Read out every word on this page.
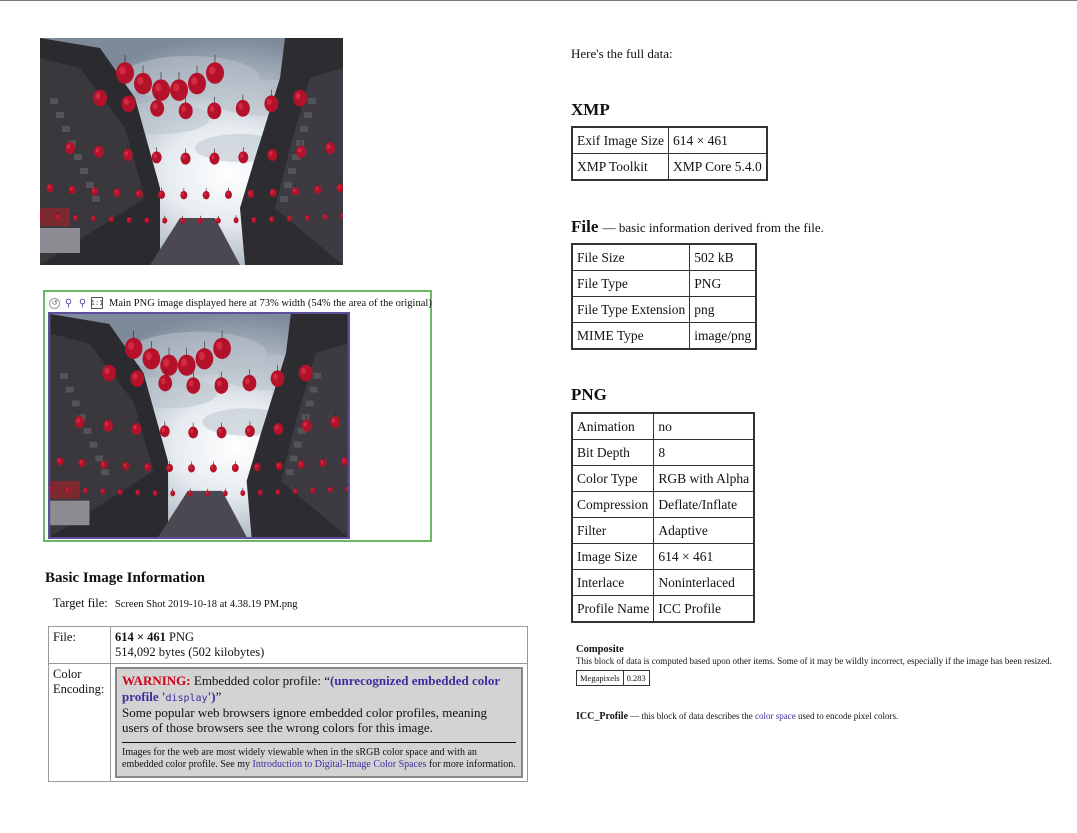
↺ ⚲ ⚲ 1:1 Main PNG image displayed here at 73% width (54% the area of the original)
Basic Image Information
Target file: Screen Shot 2019-10-18 at 4.38.19 PM.png
File:	614 × 461 PNG
514,092 bytes (502 kilobytes)
Color Encoding:	WARNING: Embedded color profile: “(unrecognized embedded color profile 'display')”
Some popular web browsers ignore embedded color profiles, meaning users of those browsers see the wrong colors for this image.
Images for the web are most widely viewable when in the sRGB color space and with an embedded color profile. See my Introduction to Digital-Image Color Spaces for more information.
Here's the full data:
XMP
Exif Image Size	614 × 461
XMP Toolkit	XMP Core 5.4.0
File — basic information derived from the file.
File Size	502 kB
File Type	PNG
File Type Extension	png
MIME Type	image/png
PNG
Animation	no
Bit Depth	8
Color Type	RGB with Alpha
Compression	Deflate/Inflate
Filter	Adaptive
Image Size	614 × 461
Interlace	Noninterlaced
Profile Name	ICC Profile
Composite
This block of data is computed based upon other items. Some of it may be wildly incorrect, especially if the image has been resized.
Megapixels	0.283
ICC_Profile — this block of data describes the color space used to encode pixel colors.
